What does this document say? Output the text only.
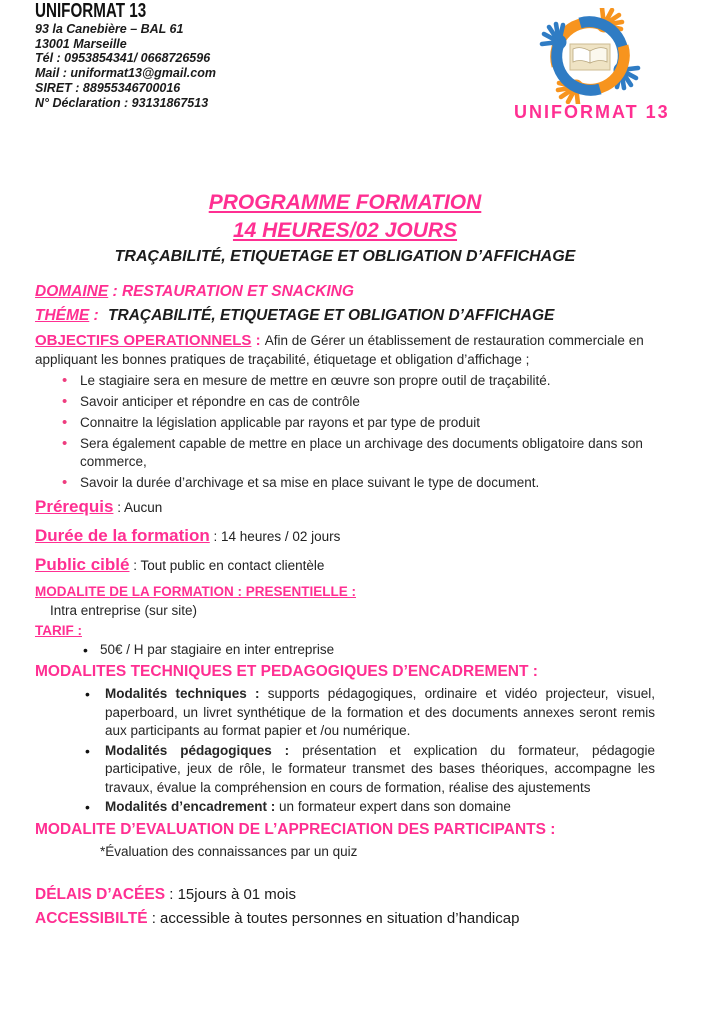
UNIFORMAT 13
93 la Canebière – BAL 61
13001 Marseille
Tél : 0953854341/ 0668726596
Mail : uniformat13@gmail.com
SIRET : 88955346700016
N° Déclaration : 93131867513	UNIFORMAT 13
PROGRAMME FORMATION
14 HEURES/02 JOURS
TRAÇABILITÉ, ETIQUETAGE ET OBLIGATION D’AFFICHAGE

DOMAINE : RESTAURATION ET SNACKING

THÉME : TRAÇABILITÉ, ETIQUETAGE ET OBLIGATION D’AFFICHAGE

OBJECTIFS OPERATIONNELS : Afin de Gérer un établissement de restauration commerciale en appliquant les bonnes pratiques de traçabilité, étiquetage et obligation d’affichage ;

• Le stagiaire sera en mesure de mettre en œuvre son propre outil de traçabilité.
• Savoir anticiper et répondre en cas de contrôle
• Connaitre la législation applicable par rayons et par type de produit
• Sera également capable de mettre en place un archivage des documents obligatoire dans son commerce,
• Savoir la durée d’archivage et sa mise en place suivant le type de document.

Prérequis : Aucun

Durée de la formation : 14 heures / 02 jours

Public ciblé : Tout public en contact clientèle

MODALITE DE LA FORMATION : PRESENTIELLE :

Intra entreprise (sur site)

TARIF :

• 50€ / H par stagiaire en inter entreprise

MODALITES TECHNIQUES ET PEDAGOGIQUES D’ENCADREMENT :

• Modalités techniques : supports pédagogiques, ordinaire et vidéo projecteur, visuel, paperboard, un livret synthétique de la formation et des documents annexes seront remis aux participants au format papier et /ou numérique.
• Modalités pédagogiques : présentation et explication du formateur, pédagogie participative, jeux de rôle, le formateur transmet des bases théoriques, accompagne les travaux, évalue la compréhension en cours de formation, réalise des ajustements
• Modalités d’encadrement : un formateur expert dans son domaine

MODALITE D’EVALUATION DE L’APPRECIATION DES PARTICIPANTS :

*Évaluation des connaissances par un quiz

DÉLAIS D’ACÉES : 15jours à 01 mois

ACCESSIBILTÉ : accessible à toutes personnes en situation d’handicap
